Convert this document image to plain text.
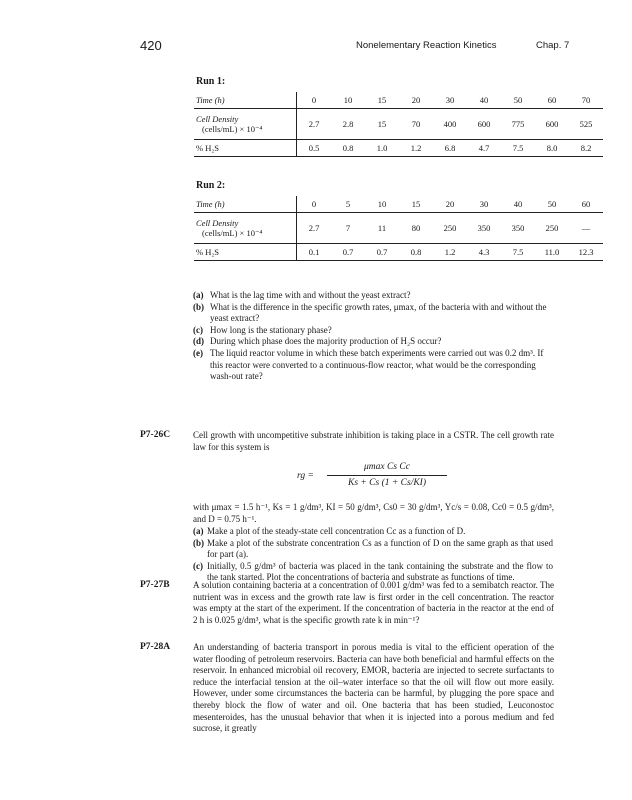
420	Nonelementary Reaction Kinetics	Chap. 7
Run 1:
Time (h)	0	10	15	20	30	40	50	60	70
Cell Density
(cells/mL) × 10⁻⁴	2.7	2.8	15	70	400	600	775	600	525
% H₂S	0.5	0.8	1.0	1.2	6.8	4.7	7.5	8.0	8.2
Run 2:
Time (h)	0	5	10	15	20	30	40	50	60
Cell Density
(cells/mL) × 10⁻⁴	2.7	7	11	80	250	350	350	250	—
% H₂S	0.1	0.7	0.7	0.8	1.2	4.3	7.5	11.0	12.3
(a) What is the lag time with and without the yeast extract?
(b) What is the difference in the specific growth rates, μmax, of the bacteria with and without the yeast extract?
(c) How long is the stationary phase?
(d) During which phase does the majority production of H₂S occur?
(e) The liquid reactor volume in which these batch experiments were carried out was 0.2 dm³. If this reactor were converted to a continuous-flow reactor, what would be the corresponding wash-out rate?
P7-26C	Cell growth with uncompetitive substrate inhibition is taking place in a CSTR. The cell growth rate law for this system is
rg =
μmax Cs Cc
Ks + Cs (1 + Cs/KI)
with μmax = 1.5 h⁻¹, Ks = 1 g/dm³, KI = 50 g/dm³, Cs0 = 30 g/dm³, Yc/s = 0.08, Cc0 = 0.5 g/dm³, and D = 0.75 h⁻¹.
(a) Make a plot of the steady-state cell concentration Cc as a function of D.
(b) Make a plot of the substrate concentration Cs as a function of D on the same graph as that used for part (a).
(c) Initially, 0.5 g/dm³ of bacteria was placed in the tank containing the substrate and the flow to the tank started. Plot the concentrations of bacteria and substrate as functions of time.
P7-27B	A solution containing bacteria at a concentration of 0.001 g/dm³ was fed to a semibatch reactor. The nutrient was in excess and the growth rate law is first order in the cell concentration. The reactor was empty at the start of the experiment. If the concentration of bacteria in the reactor at the end of 2 h is 0.025 g/dm³, what is the specific growth rate k in min⁻¹?
P7-28A	An understanding of bacteria transport in porous media is vital to the efficient operation of the water flooding of petroleum reservoirs. Bacteria can have both beneficial and harmful effects on the reservoir. In enhanced microbial oil recovery, EMOR, bacteria are injected to secrete surfactants to reduce the interfacial tension at the oil–water interface so that the oil will flow out more easily. However, under some circumstances the bacteria can be harmful, by plugging the pore space and thereby block the flow of water and oil. One bacteria that has been studied, Leuconostoc mesenteroides, has the unusual behavior that when it is injected into a porous medium and fed sucrose, it greatly
